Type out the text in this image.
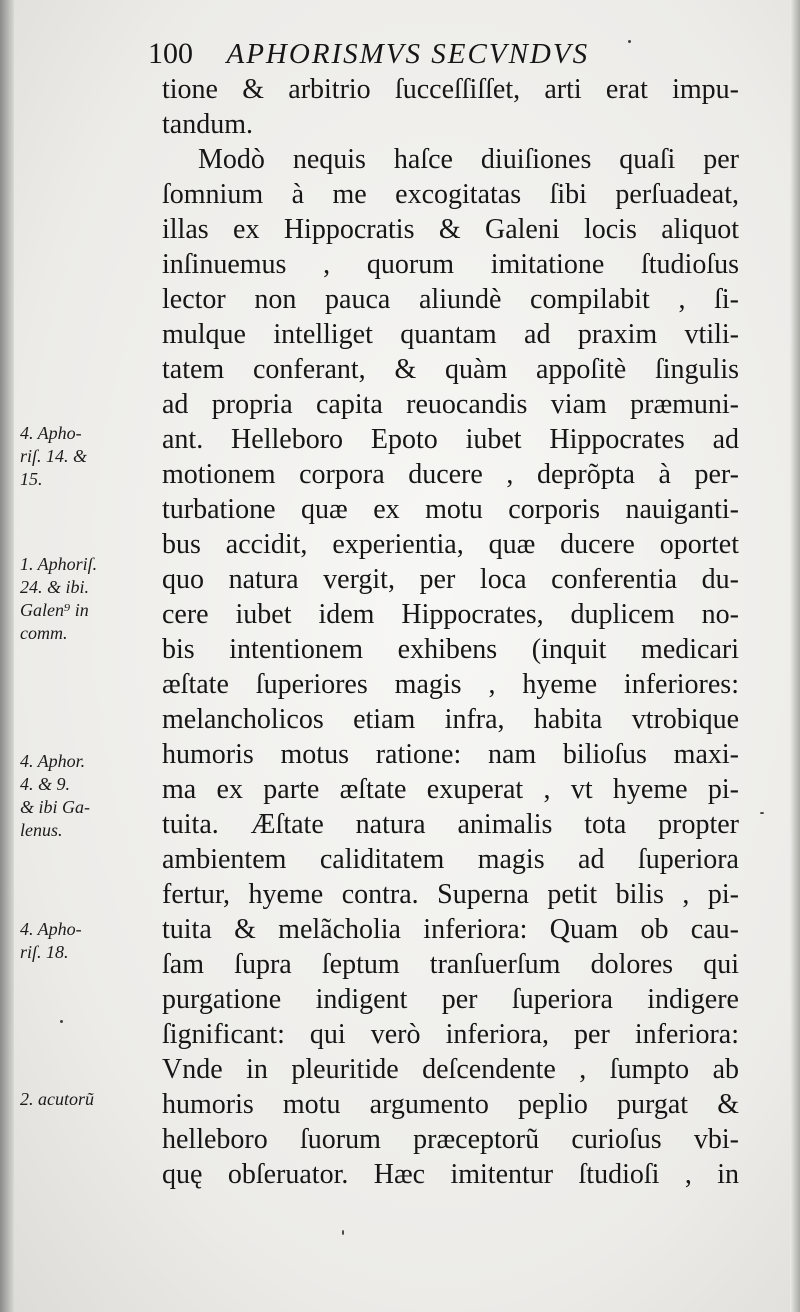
100 APHORISMVS SECVNDVS
tione & arbitrio ſucceſſiſſet, arti erat impu-
tandum.
Modò nequis haſce diuiſiones quaſi per
ſomnium à me excogitatas ſibi perſuadeat,
illas ex Hippocratis & Galeni locis aliquot
inſinuemus , quorum imitatione ſtudioſus
lector non pauca aliundè compilabit , ſi-
mulque intelliget quantam ad praxim vtili-
tatem conferant, & quàm appoſitè ſingulis
ad propria capita reuocandis viam præmuni-
ant. Helleboro Epoto iubet Hippocrates ad
motionem corpora ducere , deprõpta à per-
turbatione quæ ex motu corporis nauiganti-
bus accidit, experientia, quæ ducere oportet
quo natura vergit, per loca conferentia du-
cere iubet idem Hippocrates, duplicem no-
bis intentionem exhibens (inquit medicari
æſtate ſuperiores magis , hyeme inferiores:
melancholicos etiam infra, habita vtrobique
humoris motus ratione: nam bilioſus maxi-
ma ex parte æſtate exuperat , vt hyeme pi-
tuita. Æſtate natura animalis tota propter
ambientem caliditatem magis ad ſuperiora
fertur, hyeme contra. Superna petit bilis , pi-
tuita & melãcholia inferiora: Quam ob cau-
ſam ſupra ſeptum tranſuerſum dolores qui
purgatione indigent per ſuperiora indigere
ſignificant: qui verò inferiora, per inferiora:
Vnde in pleuritide deſcendente , ſumpto ab
humoris motu argumento peplio purgat &
helleboro ſuorum præceptorũ curioſus vbi-
quę obſeruator. Hæc imitentur ſtudioſi , in
4. Apho-
riſ. 14. &
15.
1. Aphoriſ.
24. & ibi.
Galen⁹ in
comm.
4. Aphor.
4. & 9.
& ibi Ga-
lenus.
4. Apho-
riſ. 18.
2. acutorũ
